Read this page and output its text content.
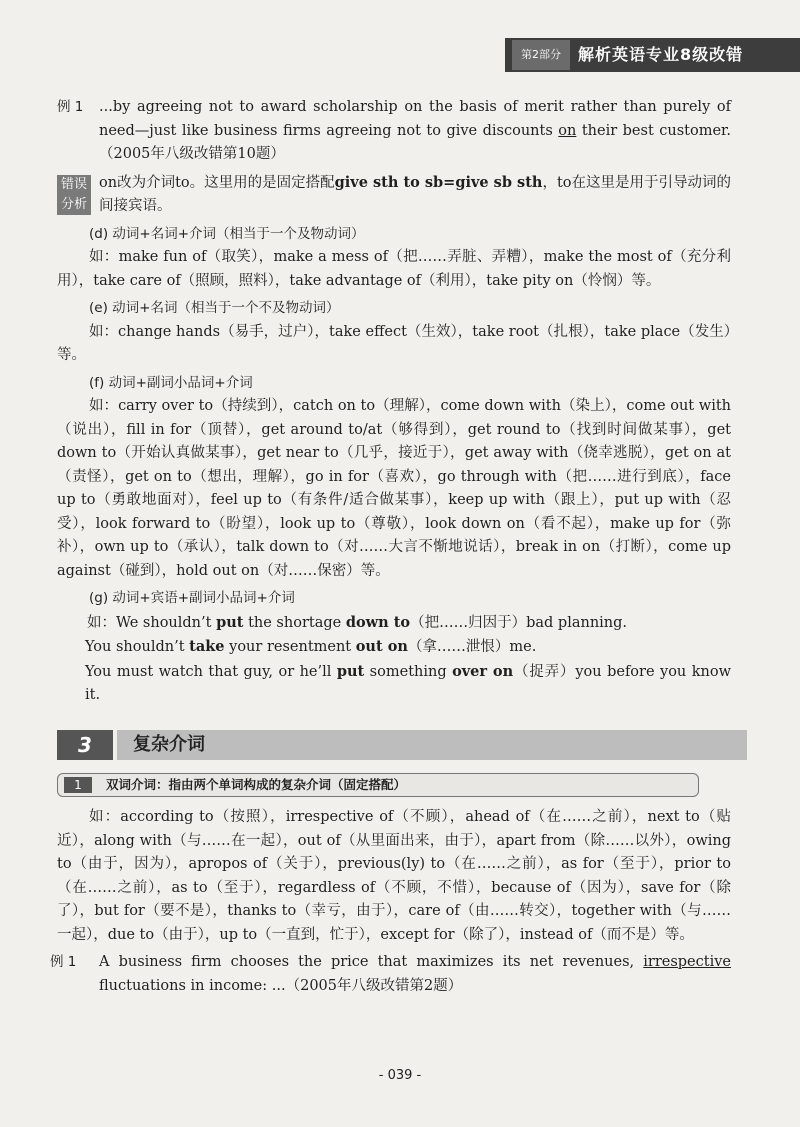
第2部分	解析英语专业8级改错
例 1	...by agreeing not to award scholarship on the basis of merit rather than purely of need—just like business firms agreeing not to give discounts on their best customer.（2005年八级改错第10题）
错误
分析
on改为介词to。这里用的是固定搭配give sth to sb=give sb sth，to在这里是用于引导动词的间接宾语。
(d) 动词+名词+介词（相当于一个及物动词）
如：make fun of（取笑），make a mess of（把……弄脏、弄糟），make the most of（充分利用），take care of（照顾，照料），take advantage of（利用），take pity on（怜悯）等。
(e) 动词+名词（相当于一个不及物动词）
如：change hands（易手，过户），take effect（生效），take root（扎根），take place（发生）等。
(f) 动词+副词小品词+介词
如：carry over to（持续到），catch on to（理解），come down with（染上），come out with（说出），fill in for（顶替），get around to/at（够得到），get round to（找到时间做某事），get down to（开始认真做某事），get near to（几乎，接近于），get away with（侥幸逃脱），get on at（责怪），get on to（想出，理解），go in for（喜欢），go through with（把……进行到底），face up to（勇敢地面对），feel up to（有条件/适合做某事），keep up with（跟上），put up with（忍受），look forward to（盼望），look up to（尊敬），look down on（看不起），make up for（弥补），own up to（承认），talk down to（对……大言不惭地说话），break in on（打断），come up against（碰到），hold out on（对……保密）等。
(g) 动词+宾语+副词小品词+介词
如：We shouldn’t put the shortage down to（把……归因于）bad planning.
You shouldn’t take your resentment out on（拿……泄恨）me.
You must watch that guy, or he’ll put something over on（捉弄）you before you know it.
3	复杂介词
1	双词介词：指由两个单词构成的复杂介词（固定搭配）
如：according to（按照），irrespective of（不顾），ahead of（在……之前），next to（贴近），along with（与……在一起），out of（从里面出来，由于），apart from（除……以外），owing to（由于，因为），apropos of（关于），previous(ly) to（在……之前），as for（至于），prior to（在……之前），as to（至于），regardless of（不顾，不惜），because of（因为），save for（除了），but for（要不是），thanks to（幸亏，由于），care of（由……转交），together with（与……一起），due to（由于），up to（一直到，忙于），except for（除了），instead of（而不是）等。
例 1	A business firm chooses the price that maximizes its net revenues, irrespective fluctuations in income: ...（2005年八级改错第2题）
- 039 -
